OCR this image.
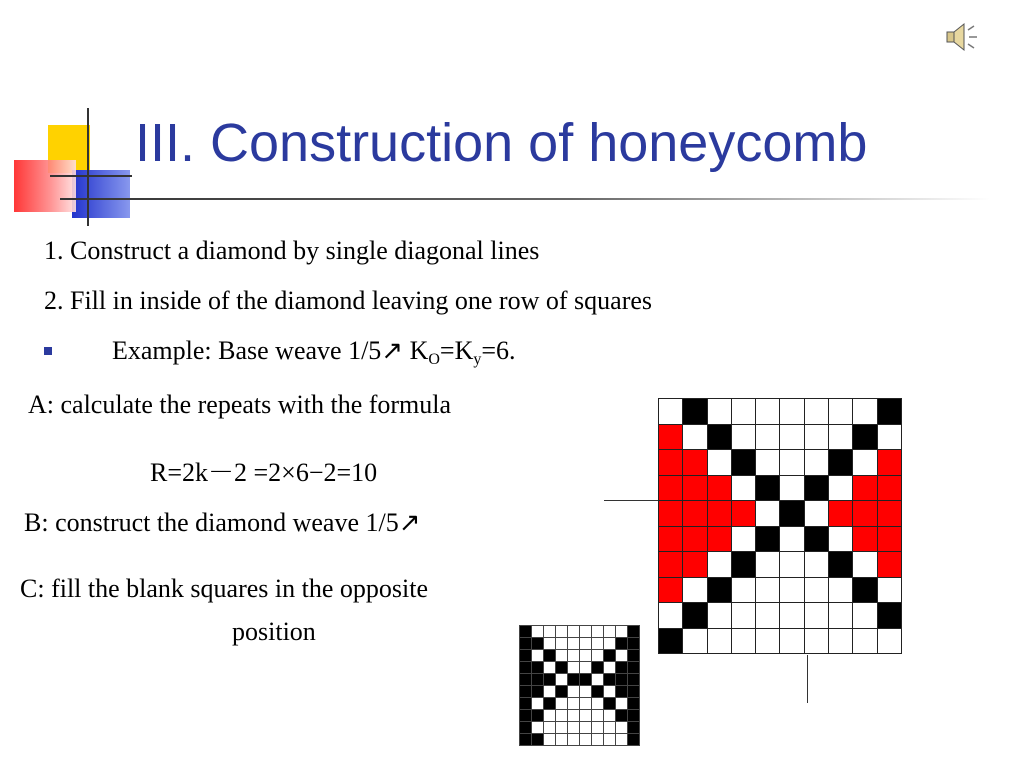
III. Construction of honeycomb
1. Construct a diamond by single diagonal lines
2. Fill in inside of the diamond leaving one row of squares
Example: Base weave 1/5↗ $K_O=K_y=6$.
A: calculate the repeats with the formula
R=2k－2 =2×6−2=10
B: construct the diamond weave 1/5↗
C: fill the blank squares in the opposite
position
